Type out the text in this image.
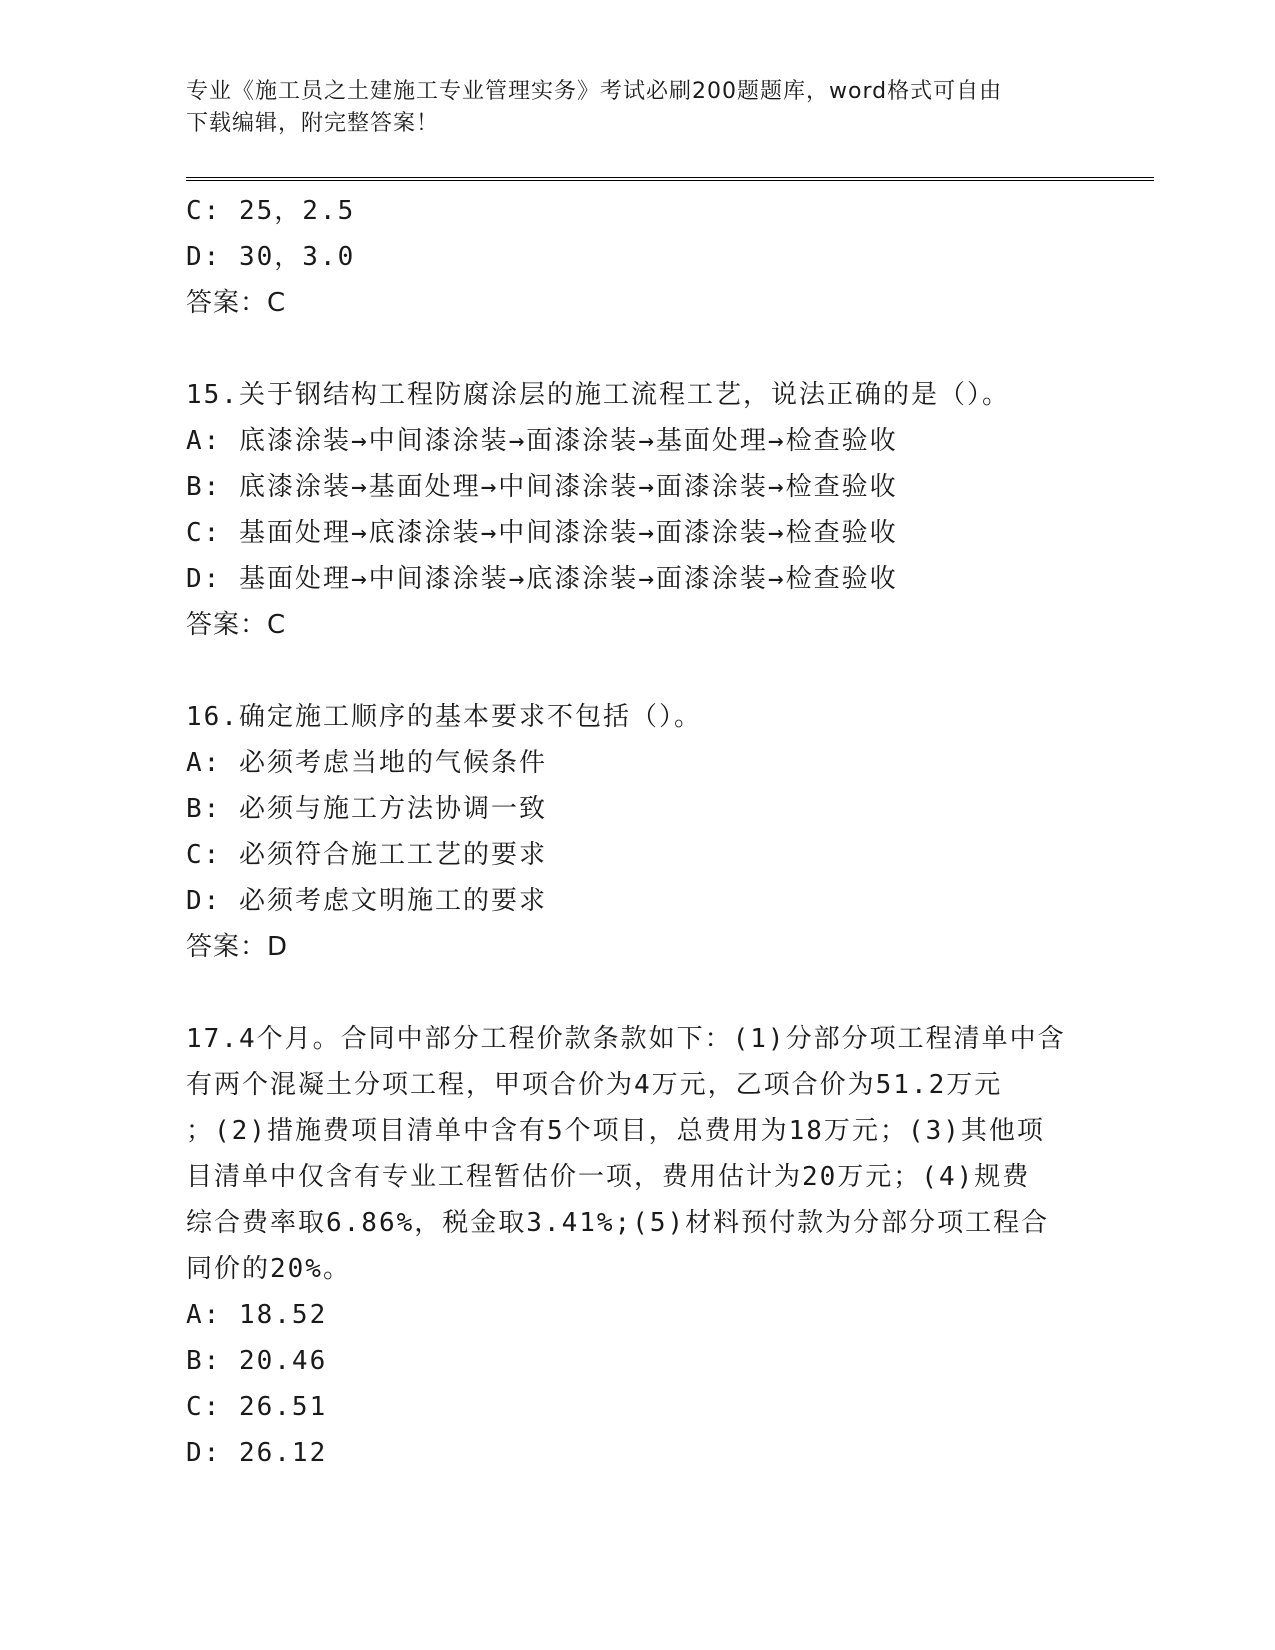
专业《施工员之土建施工专业管理实务》考试必刷200题题库，word格式可自由
下载编辑，附完整答案！
C: 25，2.5
D: 30，3.0
答案：C
15.关于钢结构工程防腐涂层的施工流程工艺，说法正确的是（）。
A: 底漆涂装→中间漆涂装→面漆涂装→基面处理→检查验收
B: 底漆涂装→基面处理→中间漆涂装→面漆涂装→检查验收
C: 基面处理→底漆涂装→中间漆涂装→面漆涂装→检查验收
D: 基面处理→中间漆涂装→底漆涂装→面漆涂装→检查验收
答案：C
16.确定施工顺序的基本要求不包括（）。
A: 必须考虑当地的气候条件
B: 必须与施工方法协调一致
C: 必须符合施工工艺的要求
D: 必须考虑文明施工的要求
答案：D
17.4个月。合同中部分工程价款条款如下：(1)分部分项工程清单中含
有两个混凝土分项工程，甲项合价为4万元，乙项合价为51.2万元
；(2)措施费项目清单中含有5个项目，总费用为18万元；(3)其他项
目清单中仅含有专业工程暂估价一项，费用估计为20万元；(4)规费
综合费率取6.86%，税金取3.41%;(5)材料预付款为分部分项工程合
同价的20%。
A: 18.52
B: 20.46
C: 26.51
D: 26.12
